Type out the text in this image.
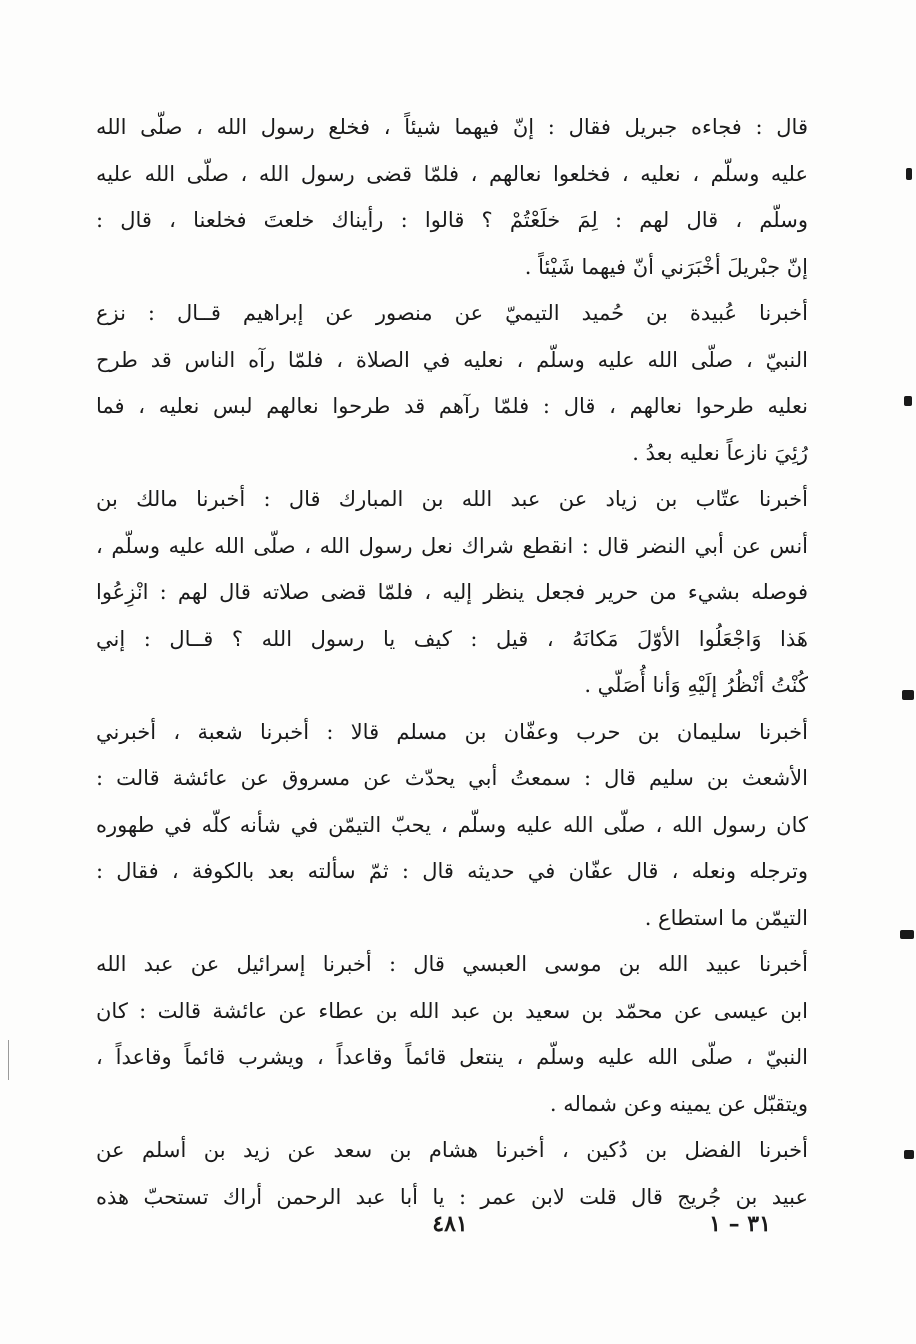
قال : فجاءه جبريل فقال : إنّ فيهما شيئاً ، فخلع رسول الله ، صلّى الله
عليه وسلّم ، نعليه ، فخلعوا نعالهم ، فلمّا قضى رسول الله ، صلّى الله عليه
وسلّم ، قال لهم : لِمَ خلَعْتُمْ ؟ قالوا : رأيناك خلعتَ فخلعنا ، قال :
إنّ جبْريلَ أخْبَرَني أنّ فيهما شَيْئاً .
أخبرنا عُبيدة بن حُميد التيميّ عن منصور عن إبراهيم قــال : نزع
النبيّ ، صلّى الله عليه وسلّم ، نعليه في الصلاة ، فلمّا رآه الناس قد طرح
نعليه طرحوا نعالهم ، قال : فلمّا رآهم قد طرحوا نعالهم لبس نعليه ، فما
رُئِيَ نازعاً نعليه بعدُ .
أخبرنا عتّاب بن زياد عن عبد الله بن المبارك قال : أخبرنا مالك بن
أنس عن أبي النضر قال : انقطع شراك نعل رسول الله ، صلّى الله عليه وسلّم ،
فوصله بشيء من حرير فجعل ينظر إليه ، فلمّا قضى صلاته قال لهم : انْزِعُوا
هَذا وَاجْعَلُوا الأوّلَ مَكانَهُ ، قيل : كيف يا رسول الله ؟ قــال : إني
كُنْتُ أنْظُرُ إلَيْهِ وَأنا أُصَلّي .
أخبرنا سليمان بن حرب وعفّان بن مسلم قالا : أخبرنا شعبة ، أخبرني
الأشعث بن سليم قال : سمعتُ أبي يحدّث عن مسروق عن عائشة قالت :
كان رسول الله ، صلّى الله عليه وسلّم ، يحبّ التيمّن في شأنه كلّه في طهوره
وترجله ونعله ، قال عفّان في حديثه قال : ثمّ سألته بعد بالكوفة ، فقال :
التيمّن ما استطاع .
أخبرنا عبيد الله بن موسى العبسي قال : أخبرنا إسرائيل عن عبد الله
ابن عيسى عن محمّد بن سعيد بن عبد الله بن عطاء عن عائشة قالت : كان
النبيّ ، صلّى الله عليه وسلّم ، ينتعل قائماً وقاعداً ، ويشرب قائماً وقاعداً ،
ويتقبّل عن يمينه وعن شماله .
أخبرنا الفضل بن دُكين ، أخبرنا هشام بن سعد عن زيد بن أسلم عن
عبيد بن جُريج قال قلت لابن عمر : يا أبا عبد الرحمن أراك تستحبّ هذه
٤٨١	٣١ – ١
